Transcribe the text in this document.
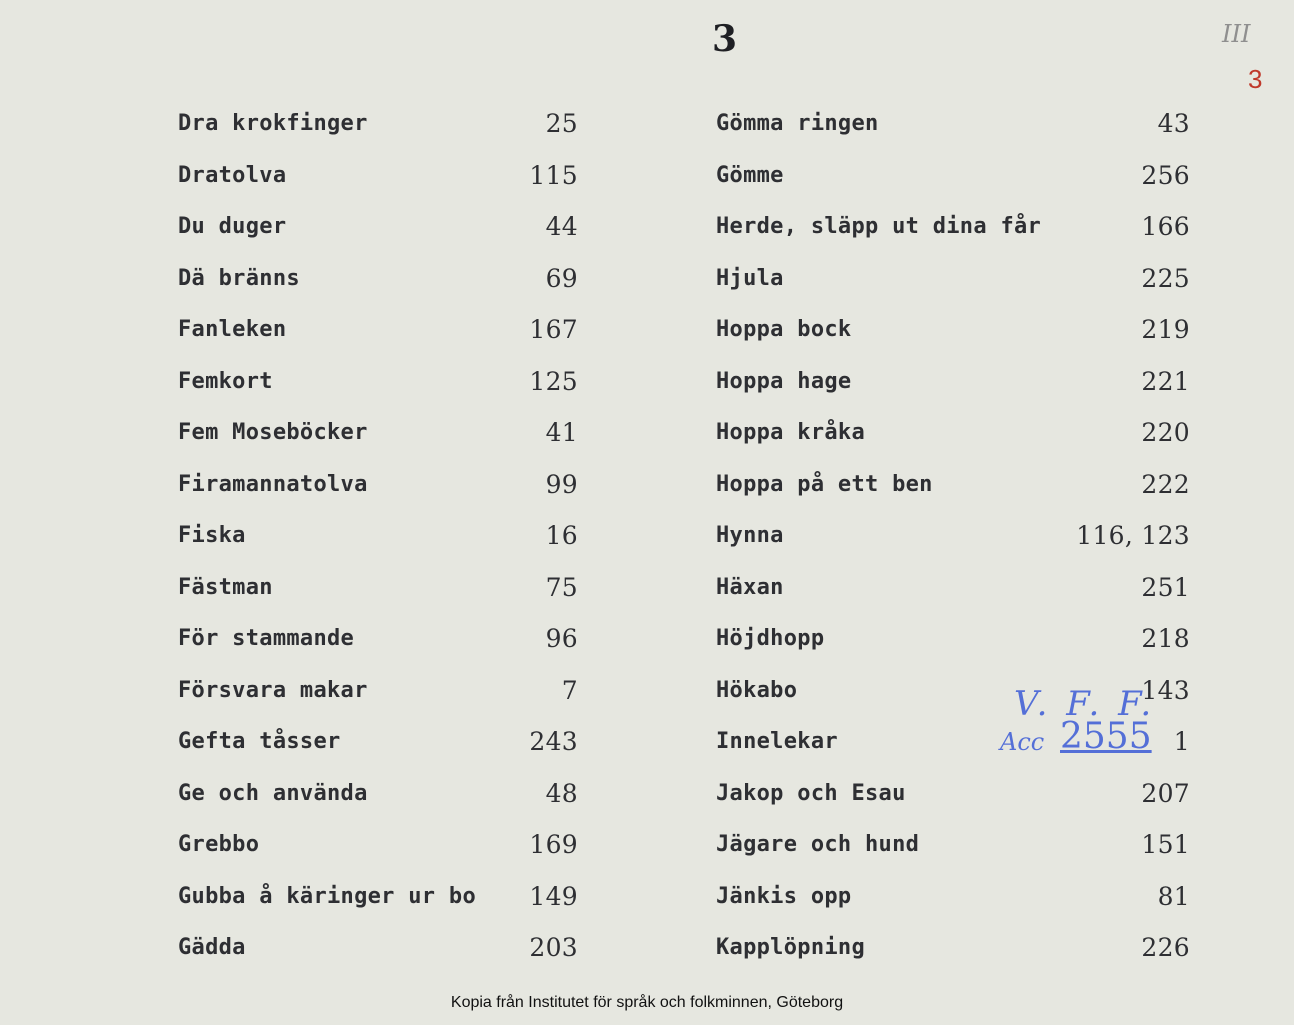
3	III
3
Dra krokfinger	25
Dratolva	115
Du duger	44
Dä bränns	69
Fanleken	167
Femkort	125
Fem Moseböcker	41
Firamannatolva	99
Fiska	16
Fästman	75
För stammande	96
Försvara makar	7
Gefta tåsser	243
Ge och använda	48
Grebbo	169
Gubba å käringer ur bo 149
Gädda	203
Gömma ringen	43
Gömme	256
Herde, släpp ut dina får	166
Hjula	225
Hoppa bock	219
Hoppa hage	221
Hoppa kråka	220
Hoppa på ett ben	222
Hynna	116, 123
Häxan	251
Höjdhopp	218
Hökabo	143
Innelekar	1
Jakop och Esau	207
Jägare och hund	151
Jänkis opp	81
Kapplöpning	226
V. F. F.
Acc 2555
Kopia från Institutet för språk och folkminnen, Göteborg
